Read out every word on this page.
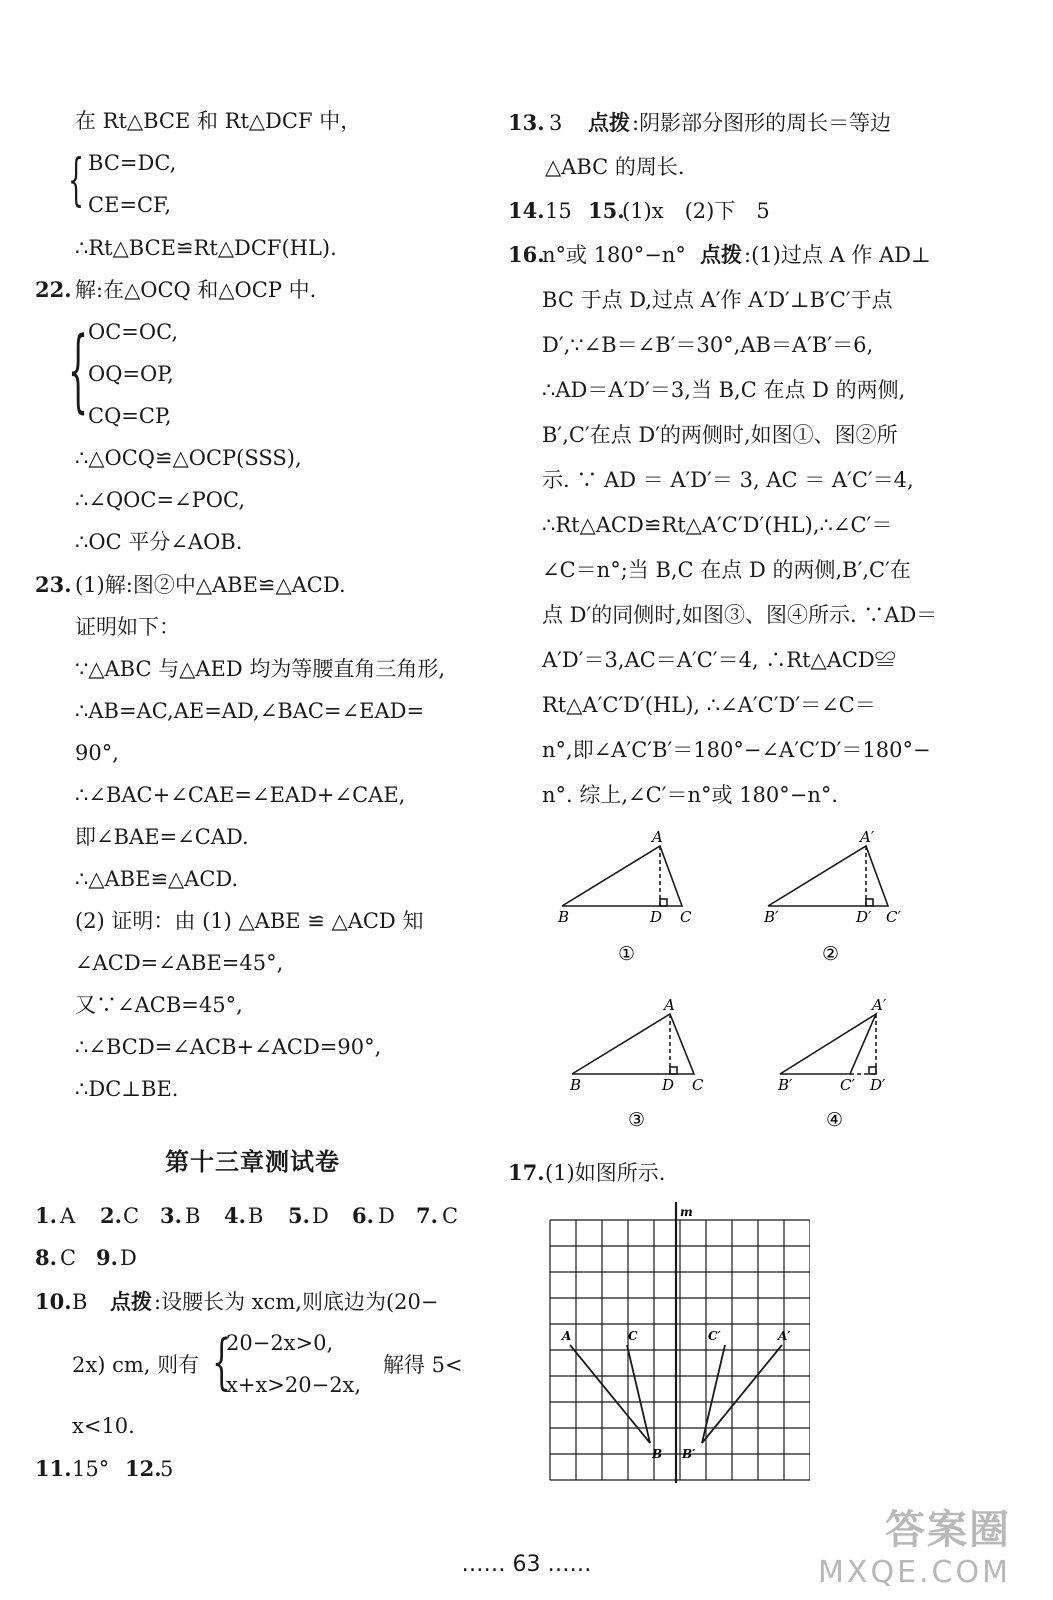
在 Rt△BCE 和 Rt△DCF 中，
{ BC=DC,
CE=CF,
∴Rt△BCE≌Rt△DCF(HL).
22. 解:在△OCQ 和△OCP 中.
{ OC=OC,
OQ=OP,
CQ=CP,
∴△OCQ≌△OCP(SSS),
∴∠QOC=∠POC,
∴OC 平分∠AOB.
23. (1)解:图②中△ABE≌△ACD.
证明如下：
∵△ABC 与△AED 均为等腰直角三角形,
∴AB=AC,AE=AD,∠BAC=∠EAD=
90°,
∴∠BAC+∠CAE=∠EAD+∠CAE,
即∠BAE=∠CAD.
∴△ABE≌△ACD.
(2) 证明：由 (1) △ABE ≌ △ACD 知
∠ACD=∠ABE=45°,
又∵∠ACB=45°,
∴∠BCD=∠ACB+∠ACD=90°,
∴DC⊥BE.
第十三章测试卷
1. A 2. C 3. B 4. B 5. D 6. D 7. C
8. C 9. D
10. B 点拨 :设腰长为 xcm,则底边为(20−
2x) cm, 则有 {
20−2x>0,
x+x>20−2x,
解得 5<
x<10.
11. 15° 12.
5
13. 3 点拨 :阴影部分图形的周长＝等边
△ABC 的周长.
14. 15 15.
(1)x　(2)下　5
16.
n°或 180°−n° 点拨 :(1)过点 A 作 AD⊥
BC 于点 D,过点 A′作 A′D′⊥B′C′于点
D′,∵∠B＝∠B′＝30°,AB＝A′B′＝6,
∴AD＝A′D′＝3,当 B,C 在点 D 的两侧,
B′,C′在点 D′的两侧时,如图①、图②所
示. ∵ AD ＝ A′D′＝ 3, AC ＝ A′C′＝4,
∴Rt△ACD≌Rt△A′C′D′(HL),∴∠C′＝
∠C＝n°;当 B,C 在点 D 的两侧,B′,C′在
点 D′的同侧时,如图③、图④所示. ∵AD＝
A′D′＝3,AC＝A′C′＝4, ∴Rt△ACD≌
Rt△A′C′D′(HL), ∴∠A′C′D′＝∠C＝
n°,即∠A′C′B′＝180°−∠A′C′D′＝180°−
n°. 综上,∠C′＝n°或 180°−n°.
A
B	D C
①
A′
B′	D′ C′
②
A
B	D C
③
A′
B′	C′ D′
④
17. (1)如图所示.
m
A	C	C′	A′
B B′
…… 63 ……
答案圈
MXQE.COM
